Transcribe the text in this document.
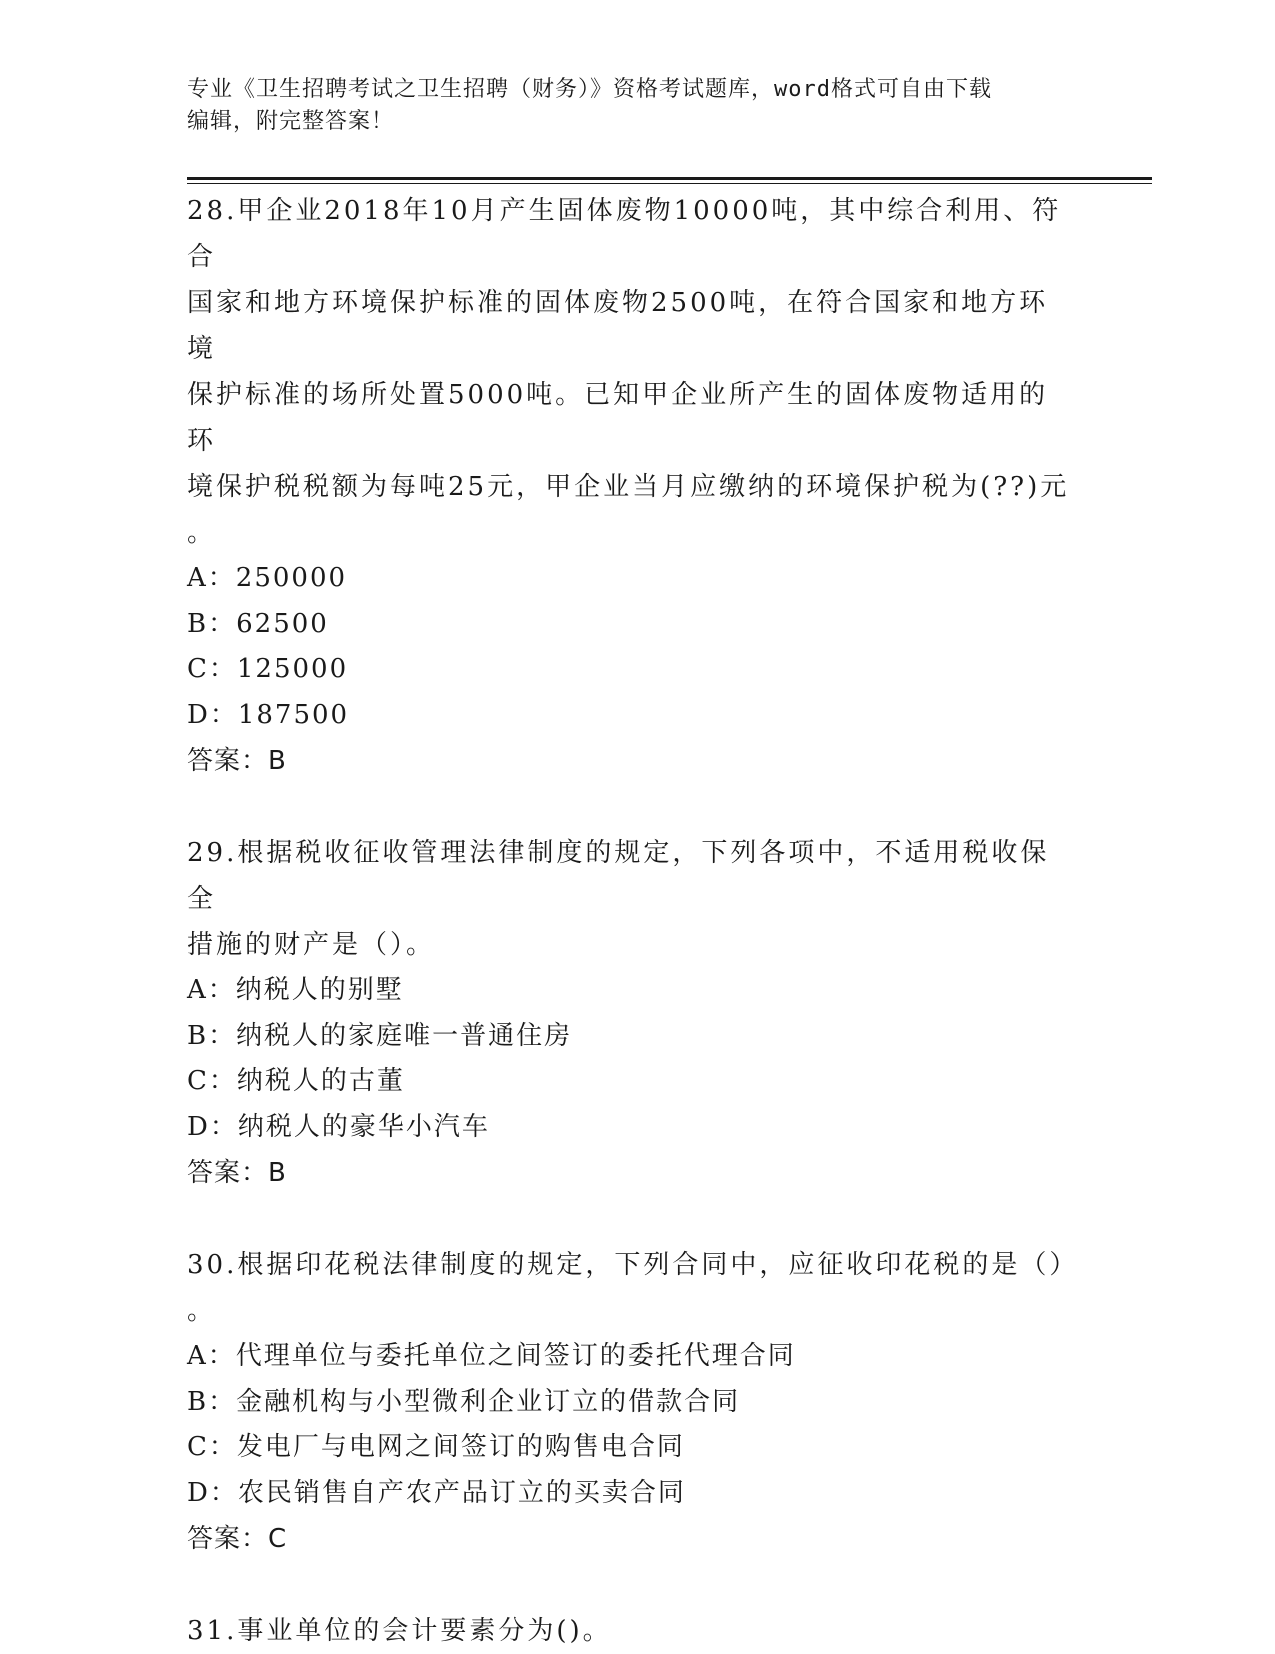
专业《卫生招聘考试之卫生招聘（财务）》资格考试题库，word格式可自由下载
编辑，附完整答案！
28.甲企业2018年10月产生固体废物10000吨，其中综合利用、符合
国家和地方环境保护标准的固体废物2500吨，在符合国家和地方环境
保护标准的场所处置5000吨。已知甲企业所产生的固体废物适用的环
境保护税税额为每吨25元，甲企业当月应缴纳的环境保护税为(??)元
。
A：250000
B：62500
C：125000
D：187500
答案：B
29.根据税收征收管理法律制度的规定，下列各项中，不适用税收保全
措施的财产是（）。
A：纳税人的别墅
B：纳税人的家庭唯一普通住房
C：纳税人的古董
D：纳税人的豪华小汽车
答案：B
30.根据印花税法律制度的规定，下列合同中，应征收印花税的是（）
。
A：代理单位与委托单位之间签订的委托代理合同
B：金融机构与小型微利企业订立的借款合同
C：发电厂与电网之间签订的购售电合同
D：农民销售自产农产品订立的买卖合同
答案：C
31.事业单位的会计要素分为()。
